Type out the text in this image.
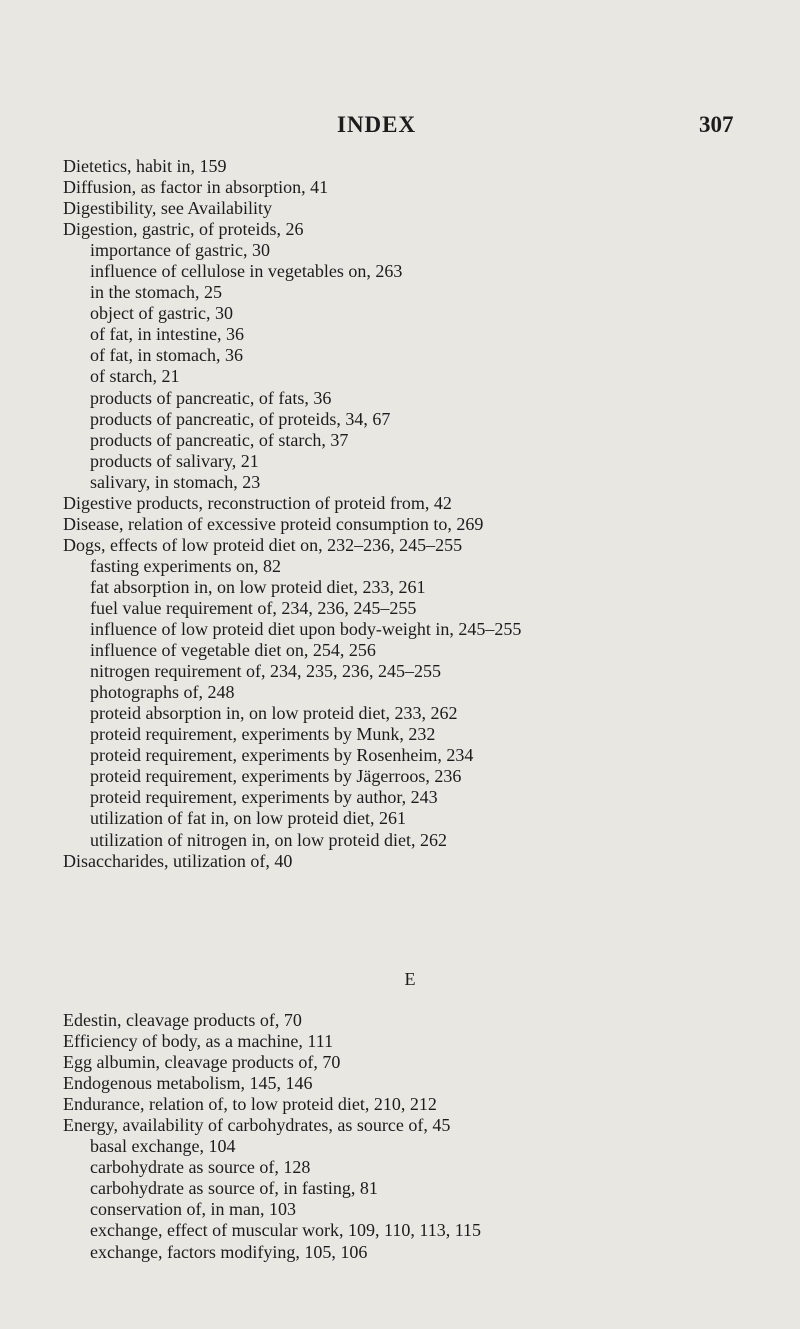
INDEX	307
Dietetics, habit in, 159
Diffusion, as factor in absorption, 41
Digestibility, see Availability
Digestion, gastric, of proteids, 26
importance of gastric, 30
influence of cellulose in vegetables on, 263
in the stomach, 25
object of gastric, 30
of fat, in intestine, 36
of fat, in stomach, 36
of starch, 21
products of pancreatic, of fats, 36
products of pancreatic, of proteids, 34, 67
products of pancreatic, of starch, 37
products of salivary, 21
salivary, in stomach, 23
Digestive products, reconstruction of proteid from, 42
Disease, relation of excessive proteid consumption to, 269
Dogs, effects of low proteid diet on, 232–236, 245–255
fasting experiments on, 82
fat absorption in, on low proteid diet, 233, 261
fuel value requirement of, 234, 236, 245–255
influence of low proteid diet upon body-weight in, 245–255
influence of vegetable diet on, 254, 256
nitrogen requirement of, 234, 235, 236, 245–255
photographs of, 248
proteid absorption in, on low proteid diet, 233, 262
proteid requirement, experiments by Munk, 232
proteid requirement, experiments by Rosenheim, 234
proteid requirement, experiments by Jägerroos, 236
proteid requirement, experiments by author, 243
utilization of fat in, on low proteid diet, 261
utilization of nitrogen in, on low proteid diet, 262
Disaccharides, utilization of, 40
E
Edestin, cleavage products of, 70
Efficiency of body, as a machine, 111
Egg albumin, cleavage products of, 70
Endogenous metabolism, 145, 146
Endurance, relation of, to low proteid diet, 210, 212
Energy, availability of carbohydrates, as source of, 45
basal exchange, 104
carbohydrate as source of, 128
carbohydrate as source of, in fasting, 81
conservation of, in man, 103
exchange, effect of muscular work, 109, 110, 113, 115
exchange, factors modifying, 105, 106
